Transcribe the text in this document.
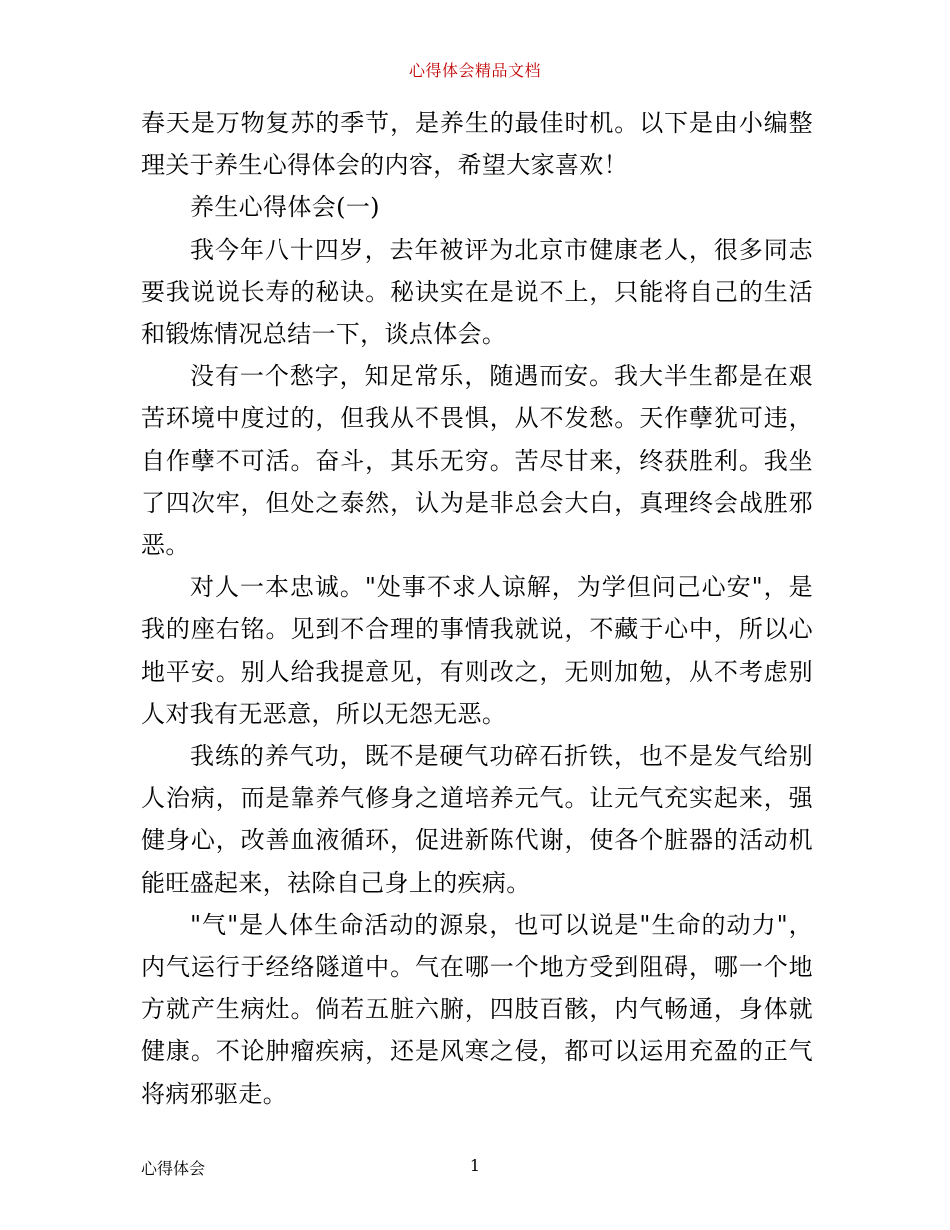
心得体会精品文档

春天是万物复苏的季节，是养生的最佳时机。以下是由小编整理关于养生心得体会的内容，希望大家喜欢！

养生心得体会(一)

我今年八十四岁，去年被评为北京市健康老人，很多同志要我说说长寿的秘诀。秘诀实在是说不上，只能将自己的生活和锻炼情况总结一下，谈点体会。

没有一个愁字，知足常乐，随遇而安。我大半生都是在艰苦环境中度过的，但我从不畏惧，从不发愁。天作孽犹可违，自作孽不可活。奋斗，其乐无穷。苦尽甘来，终获胜利。我坐了四次牢，但处之泰然，认为是非总会大白，真理终会战胜邪恶。

对人一本忠诚。"处事不求人谅解，为学但问己心安"，是我的座右铭。见到不合理的事情我就说，不藏于心中，所以心地平安。别人给我提意见，有则改之，无则加勉，从不考虑别人对我有无恶意，所以无怨无恶。

我练的养气功，既不是硬气功碎石折铁，也不是发气给别人治病，而是靠养气修身之道培养元气。让元气充实起来，强健身心，改善血液循环，促进新陈代谢，使各个脏器的活动机能旺盛起来，祛除自己身上的疾病。

"气"是人体生命活动的源泉，也可以说是"生命的动力"，内气运行于经络隧道中。气在哪一个地方受到阻碍，哪一个地方就产生病灶。倘若五脏六腑，四肢百骸，内气畅通，身体就健康。不论肿瘤疾病，还是风寒之侵，都可以运用充盈的正气将病邪驱走。

心得体会	1
